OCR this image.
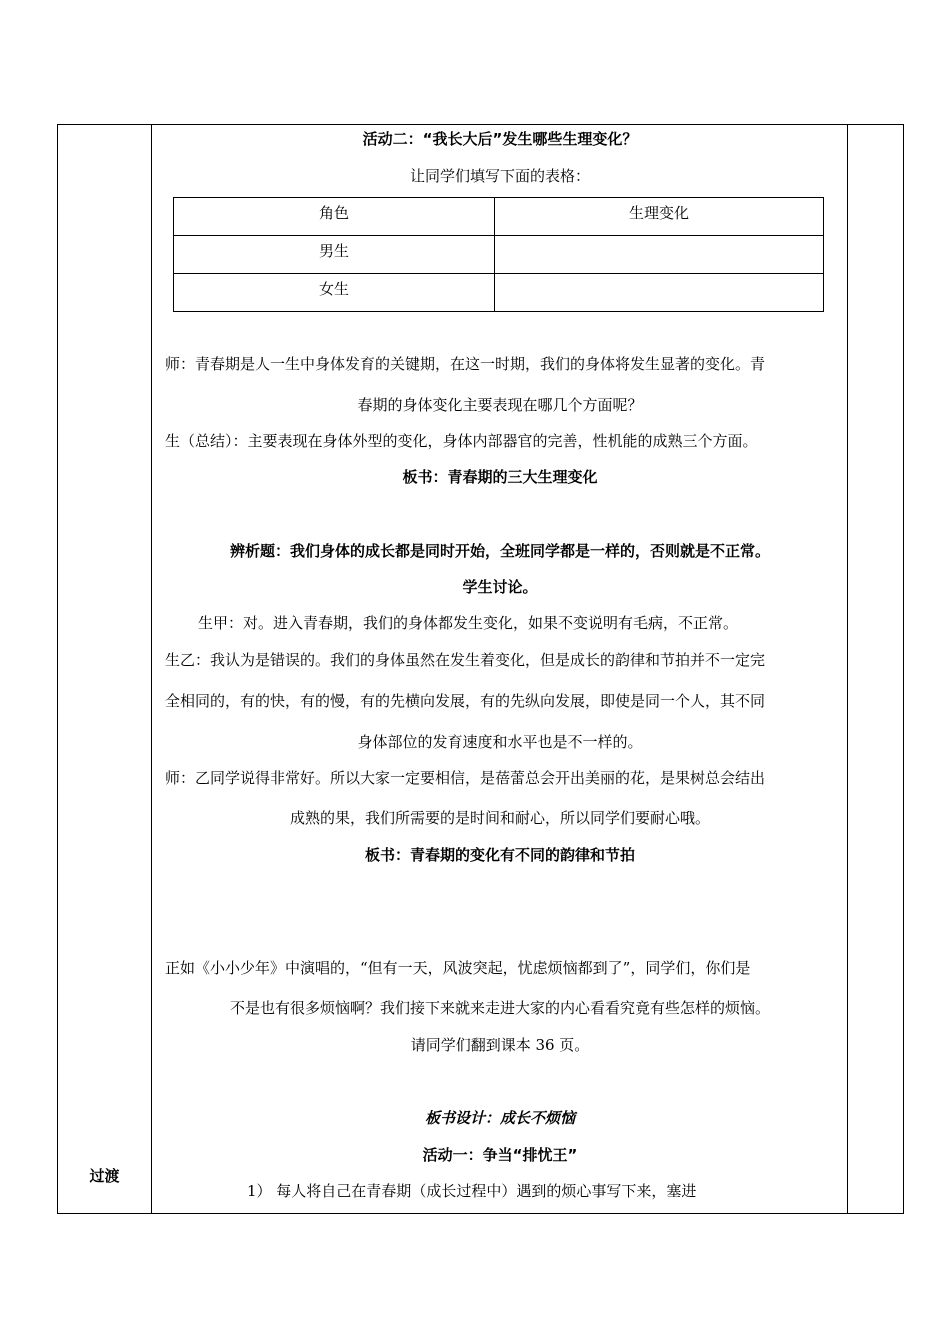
过渡
活动二：“我长大后”发生哪些生理变化？
让同学们填写下面的表格：
角色	生理变化

男生	

女生	

师：青春期是人一生中身体发育的关键期，在这一时期，我们的身体将发生显著的变化。青
春期的身体变化主要表现在哪几个方面呢？
生（总结）：主要表现在身体外型的变化，身体内部器官的完善，性机能的成熟三个方面。
板书：青春期的三大生理变化
辨析题：我们身体的成长都是同时开始，全班同学都是一样的，否则就是不正常。
学生讨论。
生甲：对。进入青春期，我们的身体都发生变化，如果不变说明有毛病，不正常。
生乙：我认为是错误的。我们的身体虽然在发生着变化，但是成长的韵律和节拍并不一定完
全相同的，有的快，有的慢，有的先横向发展，有的先纵向发展，即使是同一个人，其不同
身体部位的发育速度和水平也是不一样的。
师：乙同学说得非常好。所以大家一定要相信，是蓓蕾总会开出美丽的花，是果树总会结出
成熟的果，我们所需要的是时间和耐心，所以同学们要耐心哦。
板书：青春期的变化有不同的韵律和节拍
正如《小小少年》中演唱的，“但有一天，风波突起，忧虑烦恼都到了”，同学们，你们是
不是也有很多烦恼啊？我们接下来就来走进大家的内心看看究竟有些怎样的烦恼。
请同学们翻到课本 36 页。
板书设计：成长不烦恼
活动一：争当“排忧王”
1） 每人将自己在青春期（成长过程中）遇到的烦心事写下来，塞进
